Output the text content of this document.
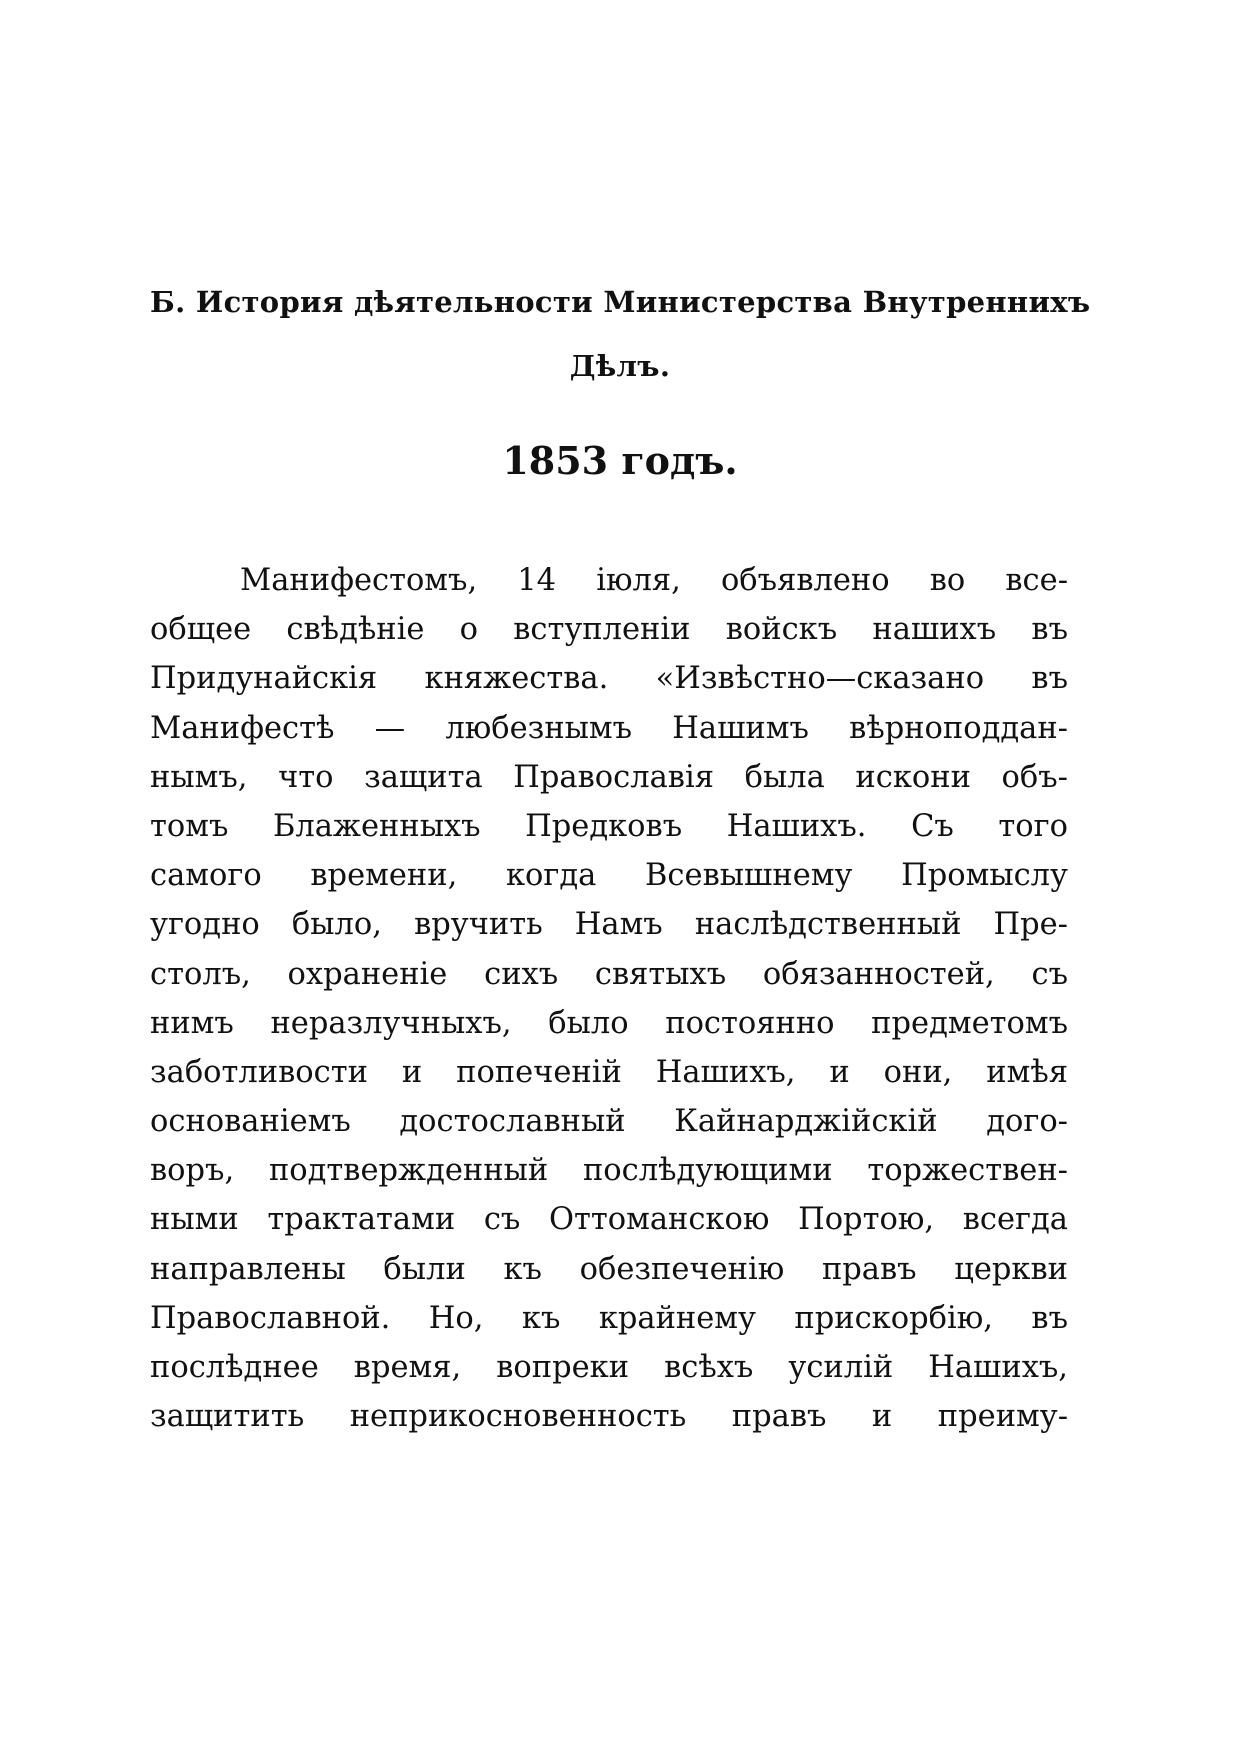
Б. История дѣятельности Министерства Внутреннихъ
Дѣлъ.
1853 годъ.
Манифестомъ, 14 іюля, объявлено во все-
общее свѣдѣніе о вступленіи войскъ нашихъ въ
Придунайскія княжества. «Извѣстно—сказано въ
Манифестѣ — любезнымъ Нашимъ вѣрноподдан-
нымъ, что защита Православія была искони объ-
томъ Блаженныхъ Предковъ Нашихъ. Съ того
самого времени, когда Всевышнему Промыслу
угодно было, вручить Намъ наслѣдственный Пре-
столъ, охраненіе сихъ святыхъ обязанностей, съ
нимъ неразлучныхъ, было постоянно предметомъ
заботливости и попеченій Нашихъ, и они, имѣя
основаніемъ достославный Кайнарджійскій дого-
воръ, подтвержденный послѣдующими торжествен-
ными трактатами съ Оттоманскою Портою, всегда
направлены были къ обезпеченію правъ церкви
Православной. Но, къ крайнему прискорбію, въ
послѣднее время, вопреки всѣхъ усилій Нашихъ,
защитить неприкосновенность правъ и преиму-
